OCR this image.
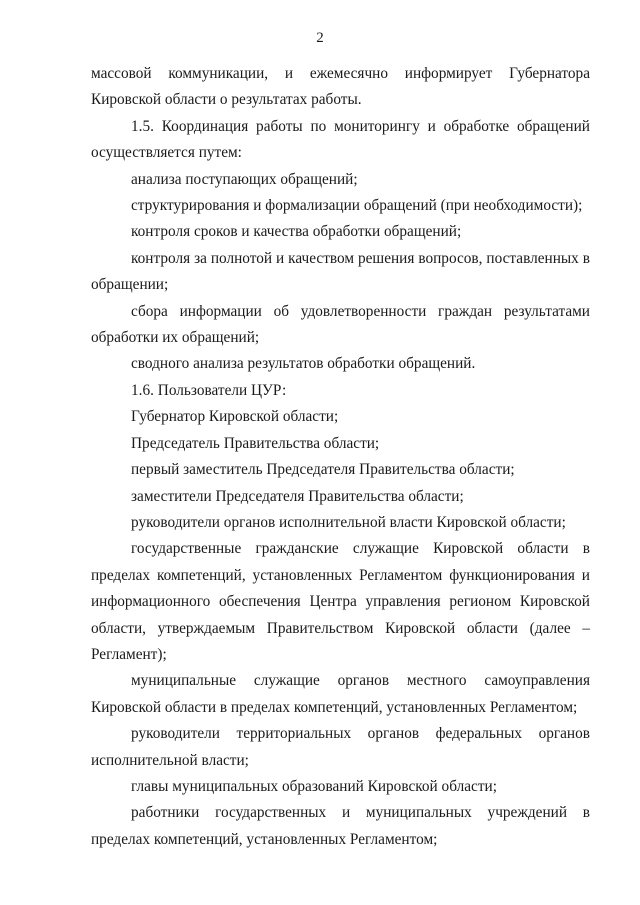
2

массовой коммуникации, и ежемесячно информирует Губернатора Кировской области о результатах работы.

1.5. Координация работы по мониторингу и обработке обращений осуществляется путем:

анализа поступающих обращений;

структурирования и формализации обращений (при необходимости);

контроля сроков и качества обработки обращений;

контроля за полнотой и качеством решения вопросов, поставленных в обращении;

сбора информации об удовлетворенности граждан результатами обработки их обращений;

сводного анализа результатов обработки обращений.

1.6. Пользователи ЦУР:

Губернатор Кировской области;

Председатель Правительства области;

первый заместитель Председателя Правительства области;

заместители Председателя Правительства области;

руководители органов исполнительной власти Кировской области;

государственные гражданские служащие Кировской области в пределах компетенций, установленных Регламентом функционирования и информационного обеспечения Центра управления регионом Кировской области, утверждаемым Правительством Кировской области (далее – Регламент);

муниципальные служащие органов местного самоуправления Кировской области в пределах компетенций, установленных Регламентом;

руководители территориальных органов федеральных органов исполнительной власти;

главы муниципальных образований Кировской области;

работники государственных и муниципальных учреждений в пределах компетенций, установленных Регламентом;
